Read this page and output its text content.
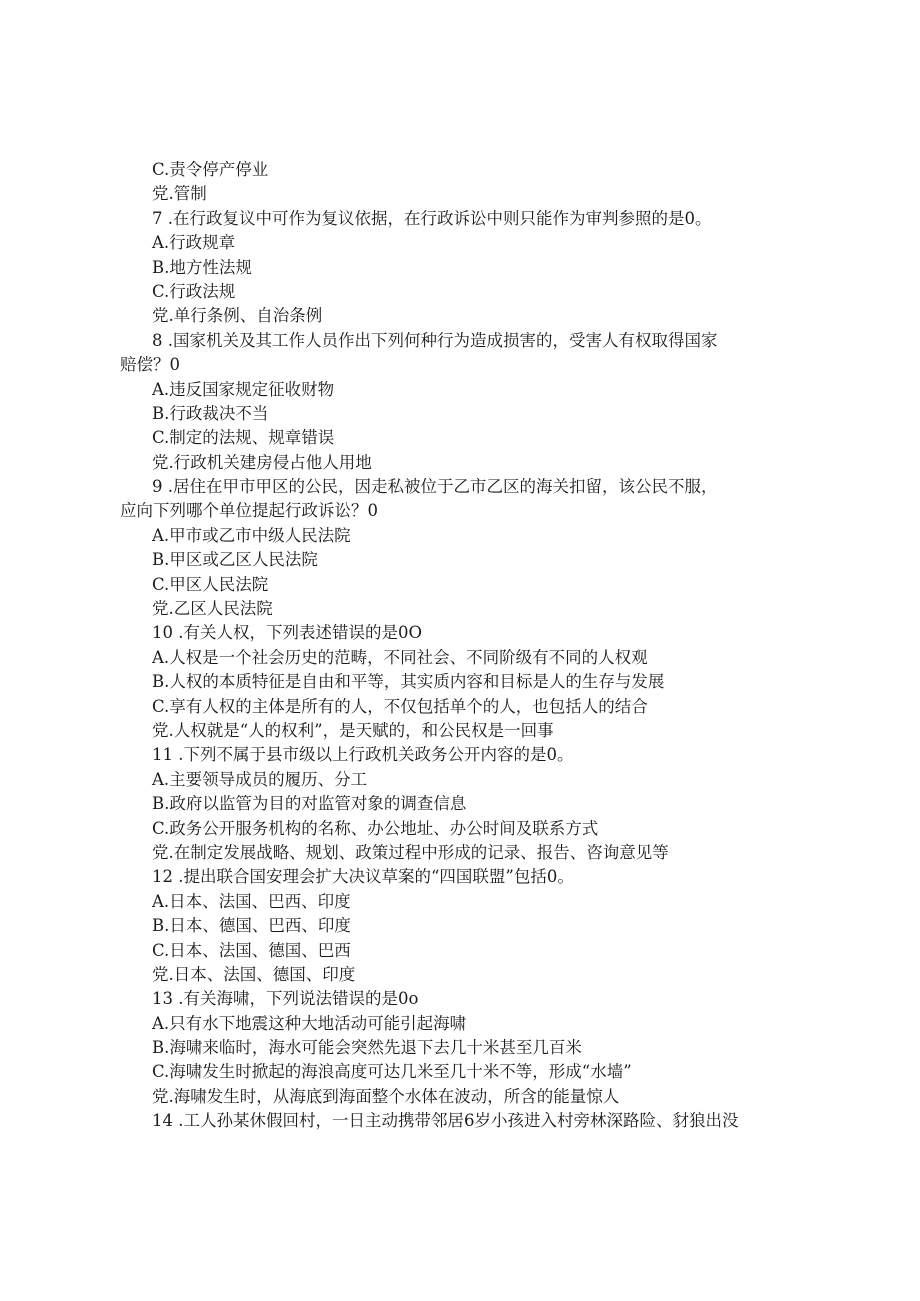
C.责令停产停业
党.管制
7 .在行政复议中可作为复议依据，在行政诉讼中则只能作为审判参照的是0。
A.行政规章
B.地方性法规
C.行政法规
党.单行条例、自治条例
8 .国家机关及其工作人员作出下列何种行为造成损害的，受害人有权取得国家
赔偿？0
A.违反国家规定征收财物
B.行政裁决不当
C.制定的法规、规章错误
党.行政机关建房侵占他人用地
9 .居住在甲市甲区的公民，因走私被位于乙市乙区的海关扣留，该公民不服，
应向下列哪个单位提起行政诉讼？0
A.甲市或乙市中级人民法院
B.甲区或乙区人民法院
C.甲区人民法院
党.乙区人民法院
10 .有关人权，下列表述错误的是0O
A.人权是一个社会历史的范畴，不同社会、不同阶级有不同的人权观
B.人权的本质特征是自由和平等，其实质内容和目标是人的生存与发展
C.享有人权的主体是所有的人，不仅包括单个的人，也包括人的结合
党.人权就是“人的权利”，是天赋的，和公民权是一回事
11 .下列不属于县市级以上行政机关政务公开内容的是0。
A.主要领导成员的履历、分工
B.政府以监管为目的对监管对象的调查信息
C.政务公开服务机构的名称、办公地址、办公时间及联系方式
党.在制定发展战略、规划、政策过程中形成的记录、报告、咨询意见等
12 .提出联合国安理会扩大决议草案的“四国联盟”包括0。
A.日本、法国、巴西、印度
B.日本、德国、巴西、印度
C.日本、法国、德国、巴西
党.日本、法国、德国、印度
13 .有关海啸，下列说法错误的是0o
A.只有水下地震这种大地活动可能引起海啸
B.海啸来临时，海水可能会突然先退下去几十米甚至几百米
C.海啸发生时掀起的海浪高度可达几米至几十米不等，形成“水墙”
党.海啸发生时，从海底到海面整个水体在波动，所含的能量惊人
14 .工人孙某休假回村，一日主动携带邻居6岁小孩进入村旁林深路险、豺狼出没
